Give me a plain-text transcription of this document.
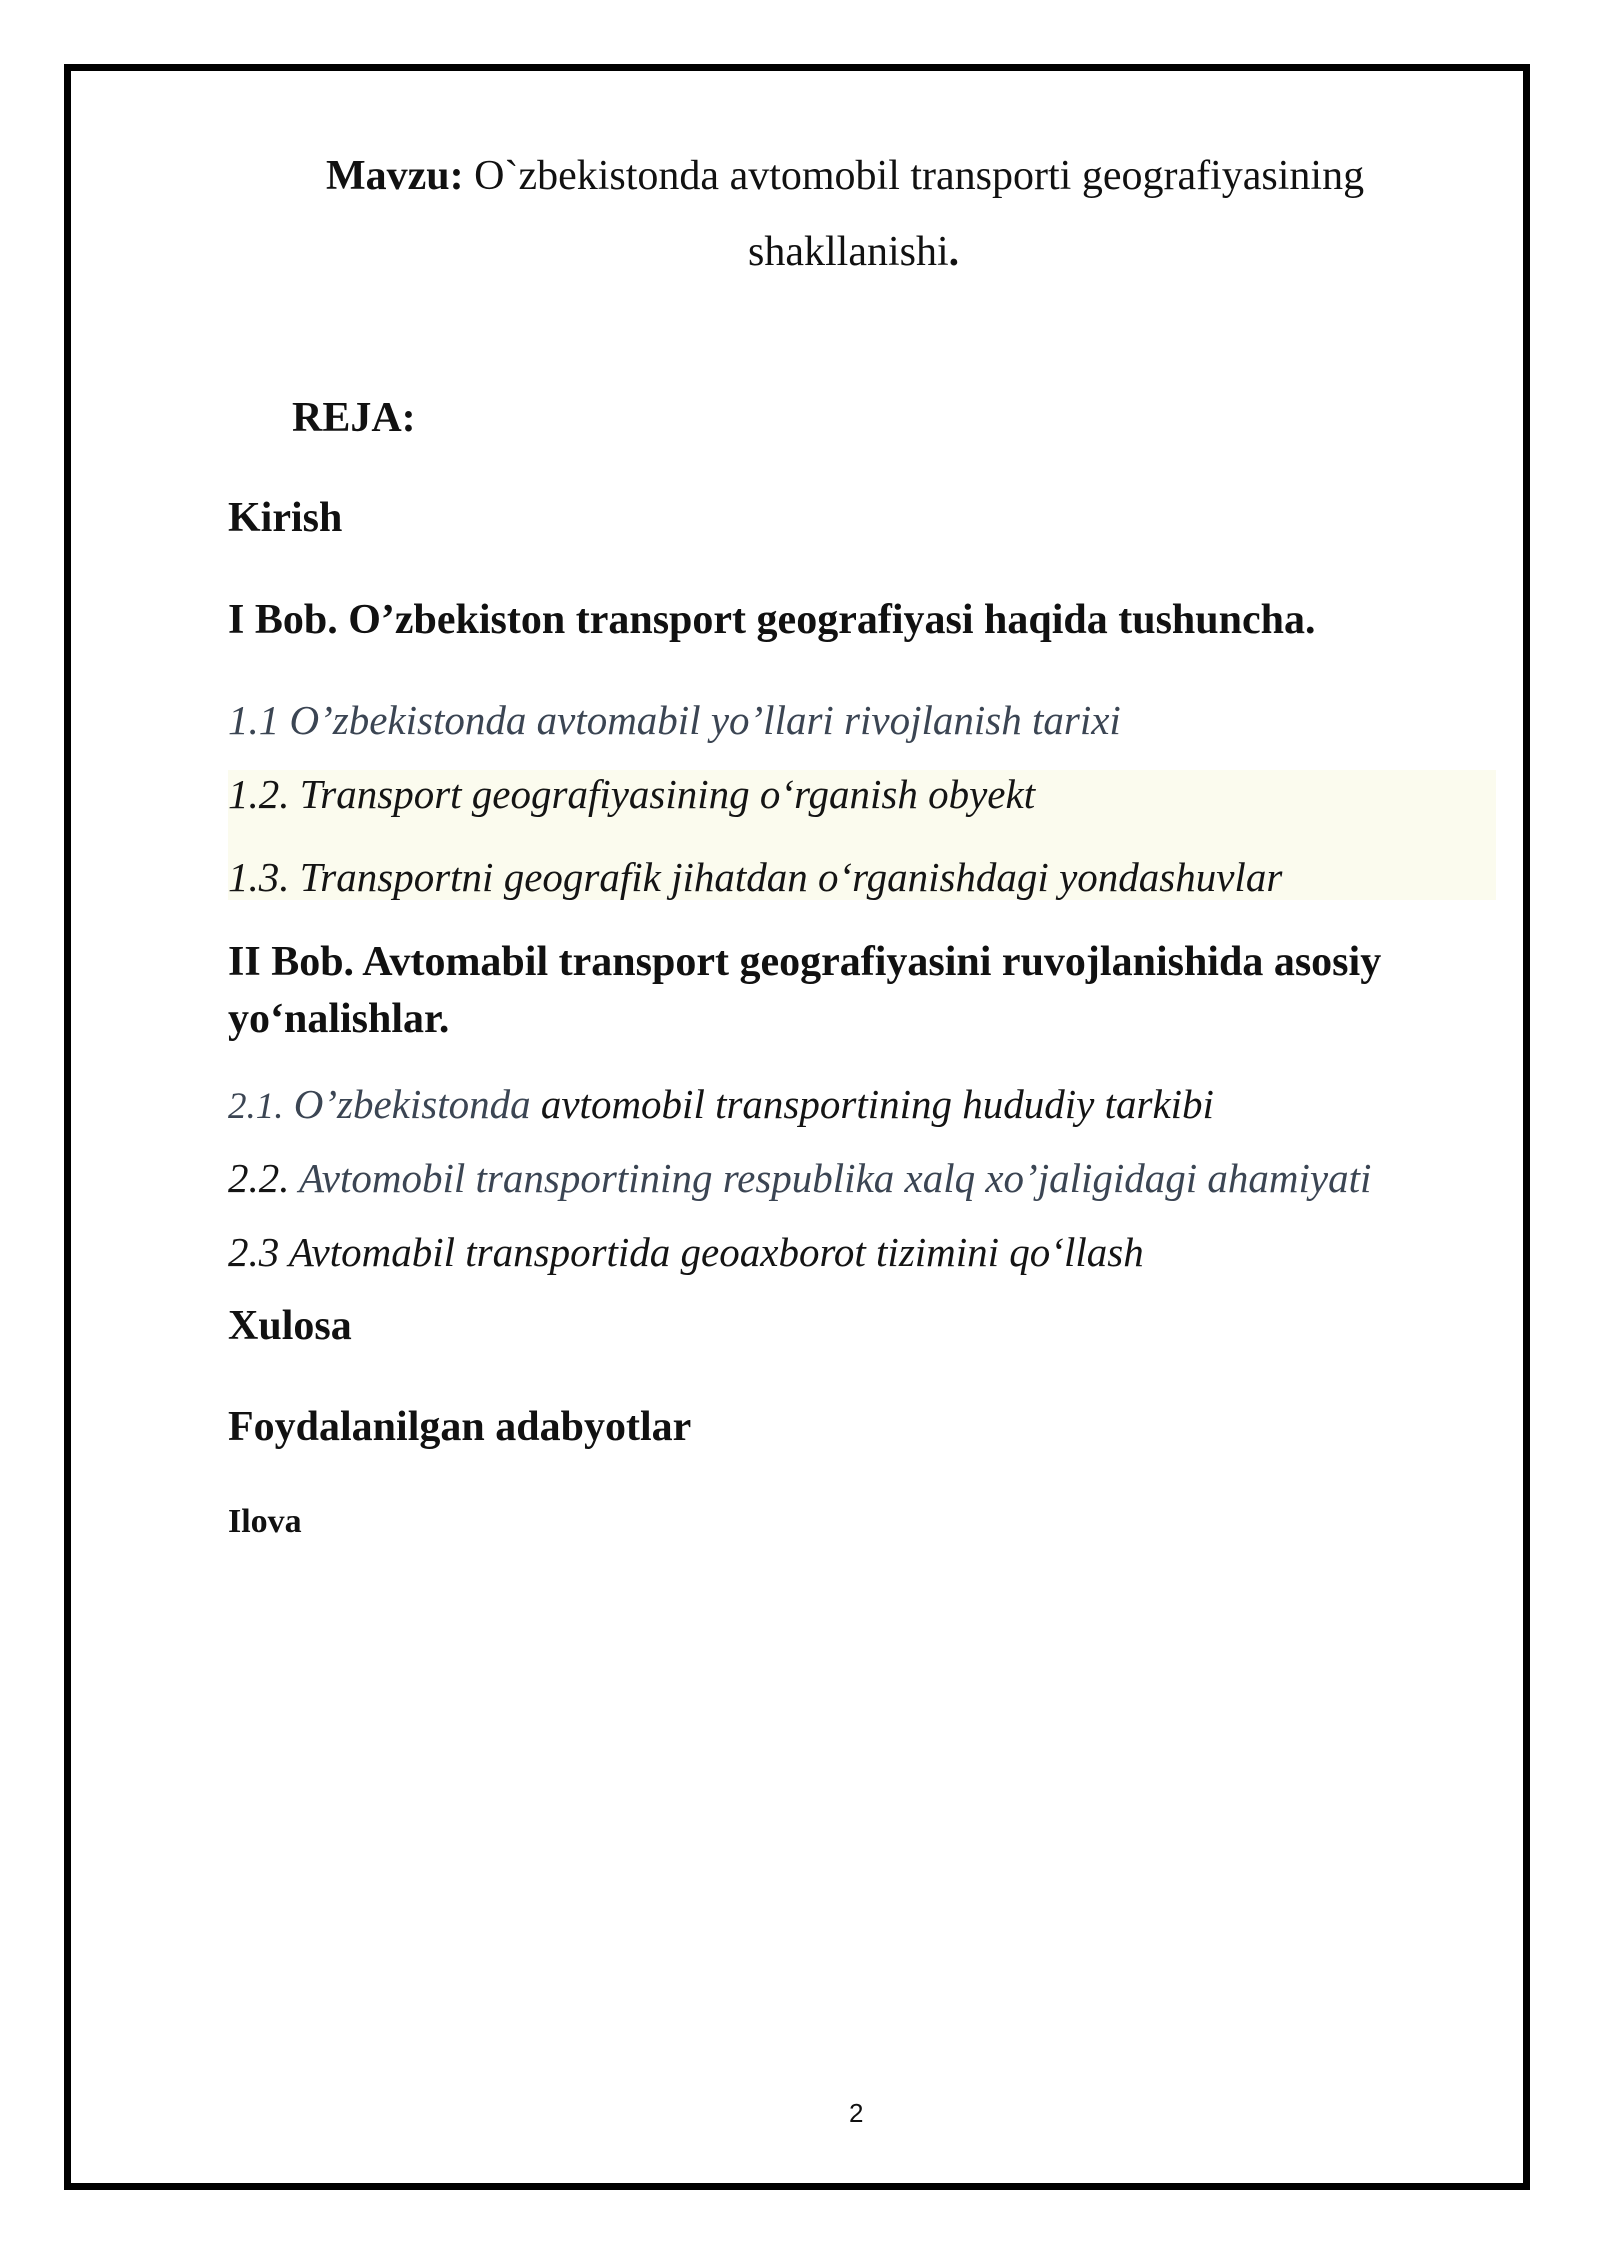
Mavzu: O`zbekistonda avtomobil transporti geografiyasining
shakllanishi.
REJA:
Kirish
I Bob. O’zbekiston transport geografiyasi haqida tushuncha.
1.1 O’zbekistonda avtomabil yo’llari rivojlanish tarixi
1.2. Transport geografiyasining o‘rganish obyekt
1.3. Transportni geografik jihatdan o‘rganishdagi yondashuvlar
II Bob. Avtomabil transport geografiyasini ruvojlanishida asosiy
yo‘nalishlar.
2.1. O’zbekistonda avtomobil transportining hududiy tarkibi
2.2. Avtomobil transportining respublika xalq xo’jaligidagi ahamiyati
2.3 Avtomabil transportida geoaxborot tizimini qo‘llash
Xulosa
Foydalanilgan adabyotlar
Ilova
2
